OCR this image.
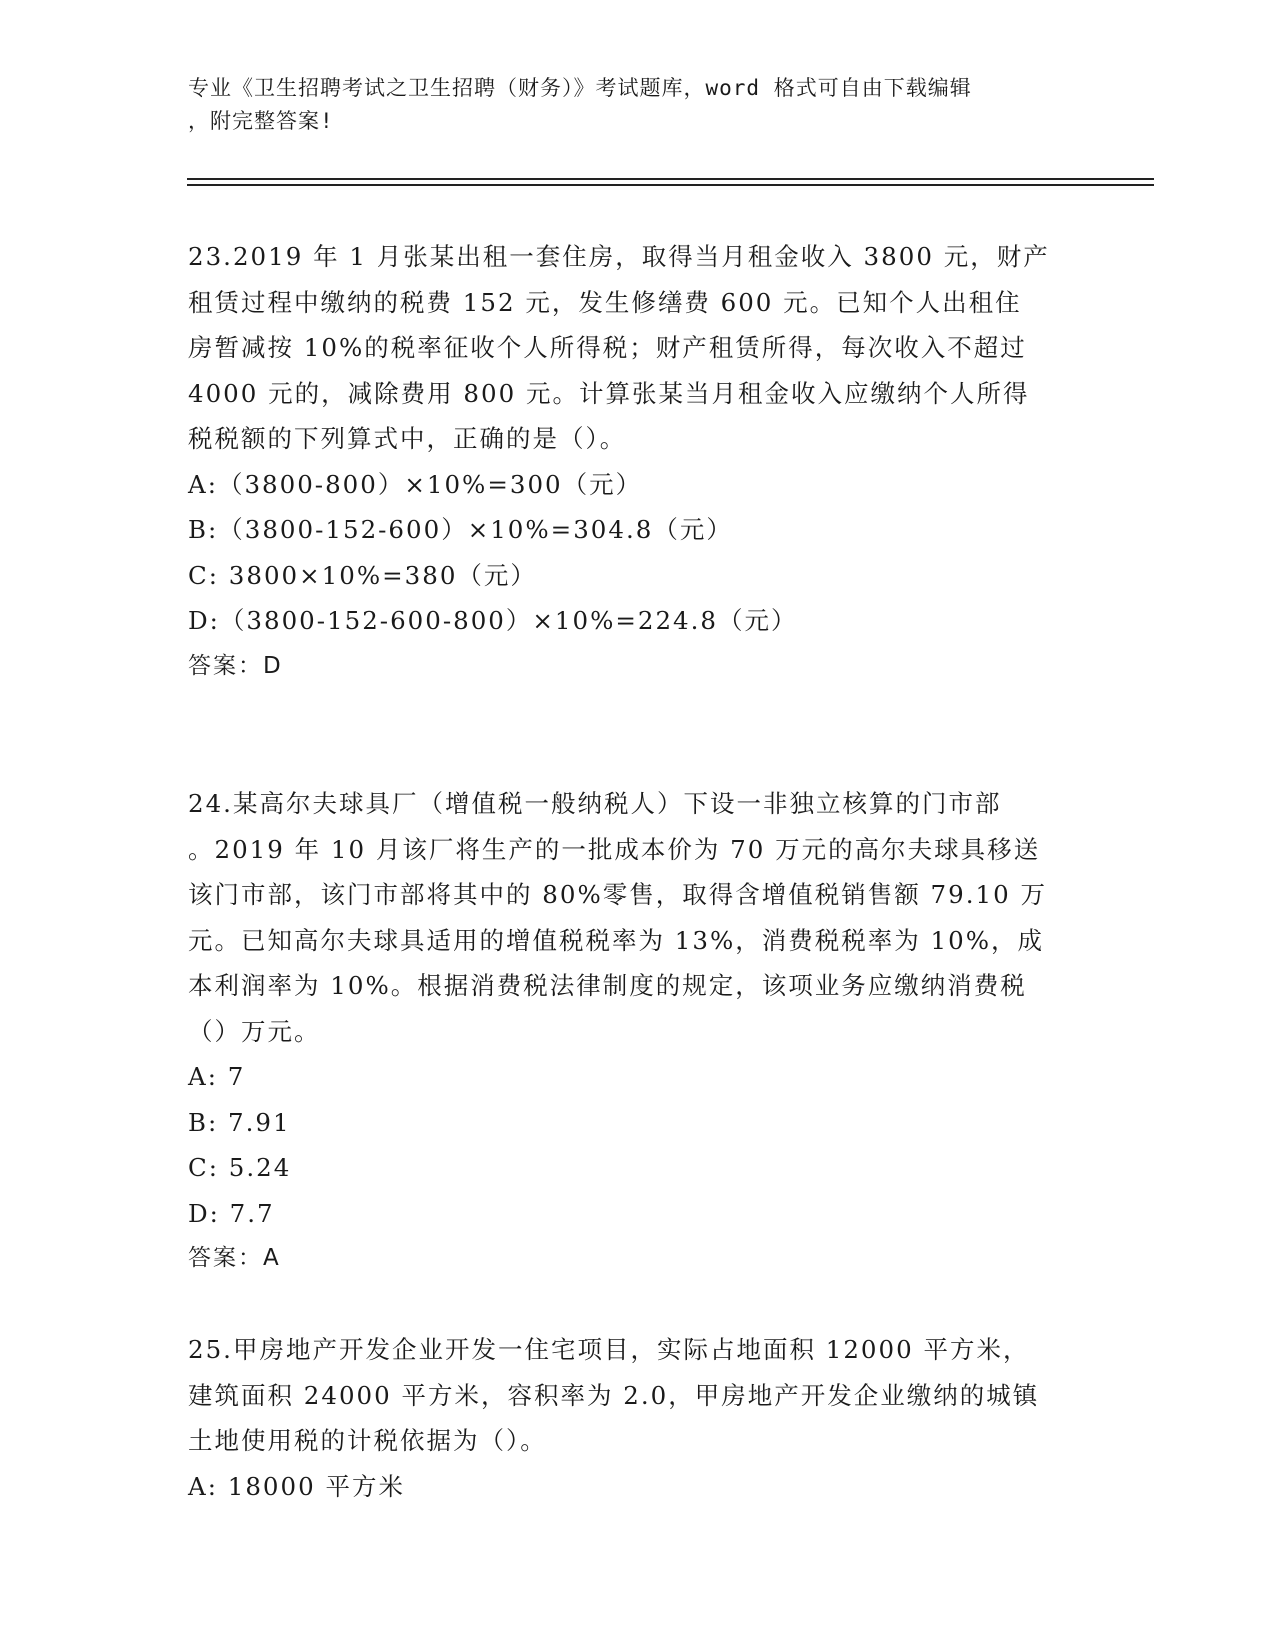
专业《卫生招聘考试之卫生招聘（财务）》考试题库，word 格式可自由下载编辑
，附完整答案!
23.2019 年 1 月张某出租一套住房，取得当月租金收入 3800 元，财产
租赁过程中缴纳的税费 152 元，发生修缮费 600 元。已知个人出租住
房暂减按 10%的税率征收个人所得税；财产租赁所得，每次收入不超过
4000 元的，减除费用 800 元。计算张某当月租金收入应缴纳个人所得
税税额的下列算式中，正确的是（）。
A:（3800-800）×10%=300（元）
B:（3800-152-600）×10%=304.8（元）
C: 3800×10%=380（元）
D:（3800-152-600-800）×10%=224.8（元）
答案：D
24.某高尔夫球具厂（增值税一般纳税人）下设一非独立核算的门市部
。2019 年 10 月该厂将生产的一批成本价为 70 万元的高尔夫球具移送
该门市部，该门市部将其中的 80%零售，取得含增值税销售额 79.10 万
元。已知高尔夫球具适用的增值税税率为 13%，消费税税率为 10%，成
本利润率为 10%。根据消费税法律制度的规定，该项业务应缴纳消费税
（）万元。
A: 7
B: 7.91
C: 5.24
D: 7.7
答案：A
25.甲房地产开发企业开发一住宅项目，实际占地面积 12000 平方米，
建筑面积 24000 平方米，容积率为 2.0，甲房地产开发企业缴纳的城镇
土地使用税的计税依据为（）。
A: 18000 平方米
